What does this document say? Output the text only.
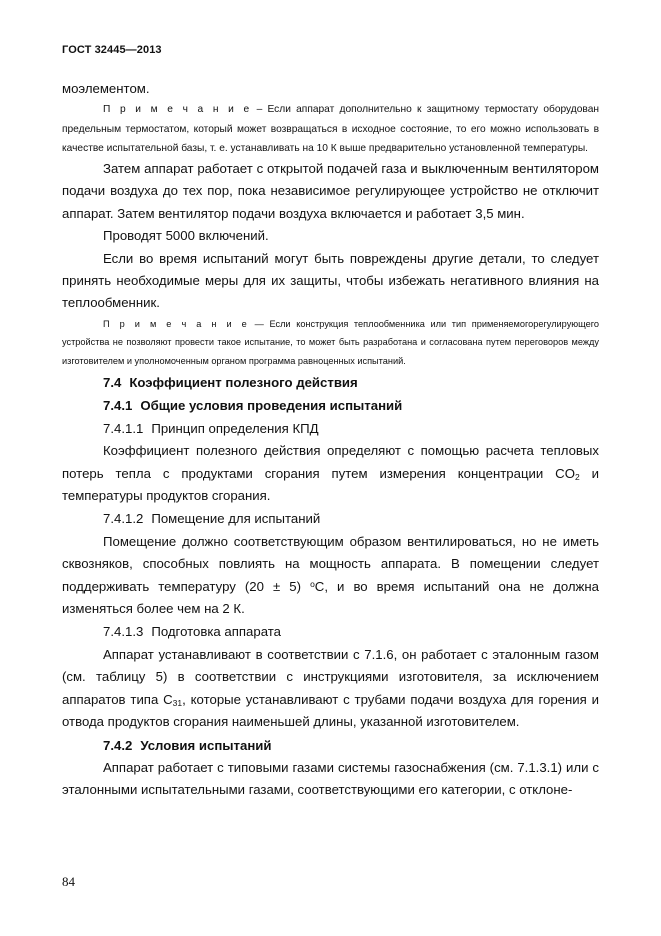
ГОСТ 32445—2013

моэлементом.

П р и м е ч а н и е – Если аппарат дополнительно к защитному термостату оборудован предельным термостатом, который может возвращаться в исходное состояние, то его можно использовать в качестве испытательной базы, т. е. устанавливать на 10 К выше предварительно установленной температуры.

Затем аппарат работает с открытой подачей газа и выключенным вентилятором подачи воздуха до тех пор, пока независимое регулирующее устройство не отключит аппарат. Затем вентилятор подачи воздуха включается и работает 3,5 мин.

Проводят 5000 включений.

Если во время испытаний могут быть повреждены другие детали, то следует принять необходимые меры для их защиты, чтобы избежать негативного влияния на теплообменник.

П р и м е ч а н и е — Если конструкция теплообменника или тип применяемогорегулирующего устройства не позволяют провести такое испытание, то может быть разработана и согласована путем переговоров между изготовителем и уполномоченным органом программа равноценных испытаний.

7.4 Коэффициент полезного действия

7.4.1 Общие условия проведения испытаний

7.4.1.1 Принцип определения КПД

Коэффициент полезного действия определяют с помощью расчета тепловых потерь тепла с продуктами сгорания путем измерения концентрации $CO_2$ и температуры продуктов сгорания.

7.4.1.2 Помещение для испытаний

Помещение должно соответствующим образом вентилироваться, но не иметь сквозняков, способных повлиять на мощность аппарата. В помещении следует поддерживать температуру (20 ± 5) $^o$C, и во время испытаний она не должна изменяться более чем на 2 К.

7.4.1.3 Подготовка аппарата

Аппарат устанавливают в соответствии с 7.1.6, он работает с эталонным газом (см. таблицу 5) в соответствии с инструкциями изготовителя, за исключением аппаратов типа $C_{31}$, которые устанавливают с трубами подачи воздуха для горения и отвода продуктов сгорания наименьшей длины, указанной изготовителем.

7.4.2 Условия испытаний

Аппарат работает с типовыми газами системы газоснабжения (см. 7.1.3.1) или с эталонными испытательными газами, соответствующими его категории, с отклоне-

84
